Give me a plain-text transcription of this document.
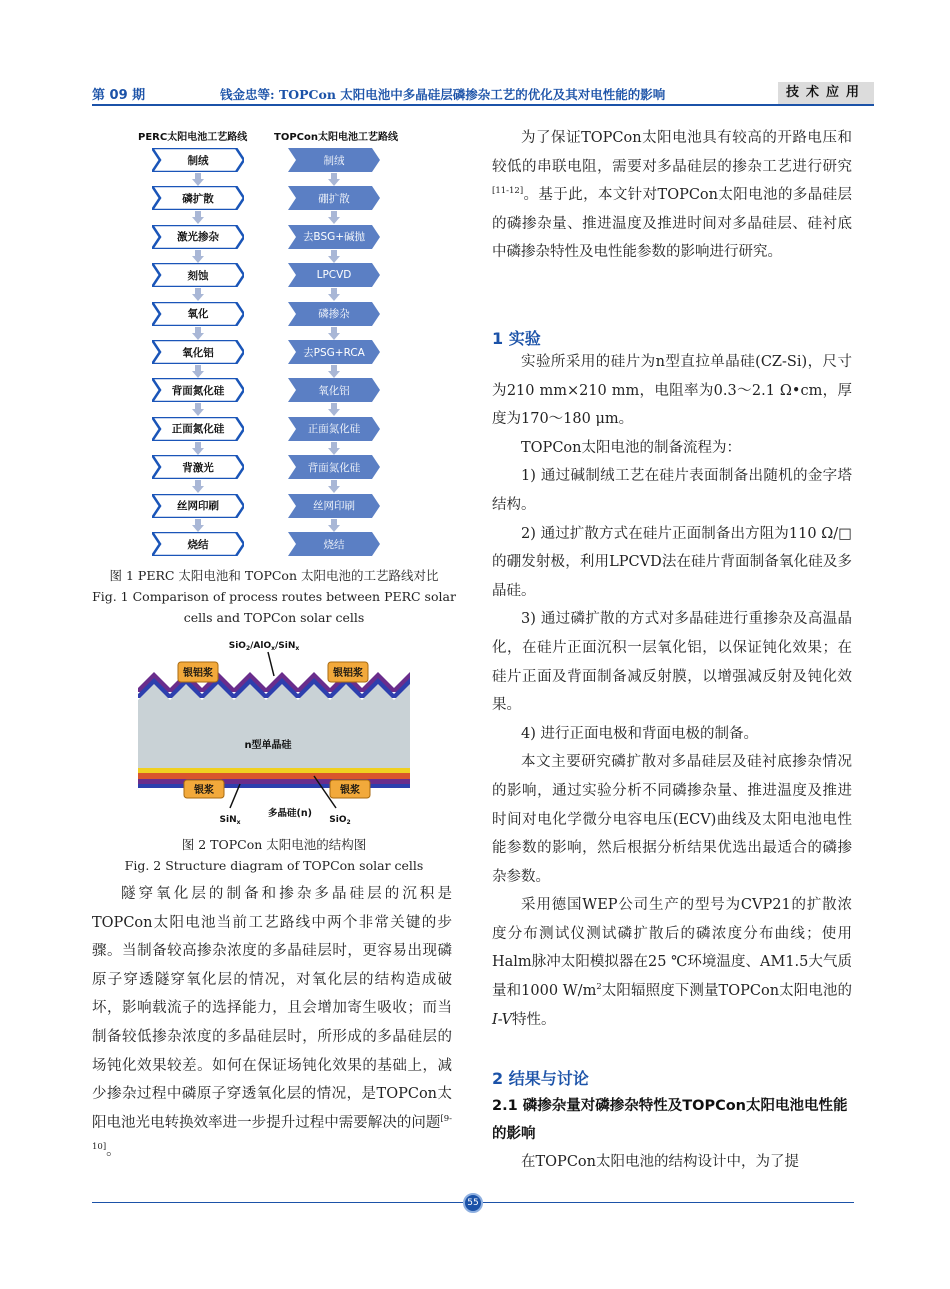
第 09 期	钱金忠等: TOPCon 太阳电池中多晶硅层磷掺杂工艺的优化及其对电性能的影响	技术应用
PERC太阳电池工艺路线	TOPCon太阳电池工艺路线
制绒
磷扩散
激光掺杂
刻蚀
氧化
氧化铝
背面氮化硅
正面氮化硅
背激光
丝网印刷
烧结
制绒
硼扩散
去BSG+碱抛
LPCVD
磷掺杂
去PSG+RCA
氧化铝
正面氮化硅
背面氮化硅
丝网印刷
烧结
图 1 PERC 太阳电池和 TOPCon 太阳电池的工艺路线对比
Fig. 1 Comparison of process routes between PERC solar
cells and TOPCon solar cells
SiO$_2$/AlO$_x$/SiN$_x$
n型单晶硅
银铝浆	银铝浆
银浆	银浆
SiN$_x$
多晶硅(n)
SiO$_2$
图 2 TOPCon 太阳电池的结构图
Fig. 2 Structure diagram of TOPCon solar cells

隧穿氧化层的制备和掺杂多晶硅层的沉积是TOPCon太阳电池当前工艺路线中两个非常关键的步骤。当制备较高掺杂浓度的多晶硅层时，更容易出现磷原子穿透隧穿氧化层的情况，对氧化层的结构造成破坏，影响载流子的选择能力，且会增加寄生吸收；而当制备较低掺杂浓度的多晶硅层时，所形成的多晶硅层的场钝化效果较差。如何在保证场钝化效果的基础上，减少掺杂过程中磷原子穿透氧化层的情况，是TOPCon太阳电池光电转换效率进一步提升过程中需要解决的问题[9-10]。

为了保证TOPCon太阳电池具有较高的开路电压和较低的串联电阻，需要对多晶硅层的掺杂工艺进行研究[11-12]。基于此，本文针对TOPCon太阳电池的多晶硅层的磷掺杂量、推进温度及推进时间对多晶硅层、硅衬底中磷掺杂特性及电性能参数的影响进行研究。

1 实验

实验所采用的硅片为n型直拉单晶硅(CZ-Si)，尺寸为210 mm×210 mm，电阻率为0.3～2.1 Ω•cm，厚度为170～180 μm。

TOPCon太阳电池的制备流程为：

1) 通过碱制绒工艺在硅片表面制备出随机的金字塔结构。

2) 通过扩散方式在硅片正面制备出方阻为110 Ω/□的硼发射极，利用LPCVD法在硅片背面制备氧化硅及多晶硅。

3) 通过磷扩散的方式对多晶硅进行重掺杂及高温晶化，在硅片正面沉积一层氧化铝，以保证钝化效果；在硅片正面及背面制备减反射膜，以增强减反射及钝化效果。

4) 进行正面电极和背面电极的制备。

本文主要研究磷扩散对多晶硅层及硅衬底掺杂情况的影响，通过实验分析不同磷掺杂量、推进温度及推进时间对电化学微分电容电压(ECV)曲线及太阳电池电性能参数的影响，然后根据分析结果优选出最适合的磷掺杂参数。

采用德国WEP公司生产的型号为CVP21的扩散浓度分布测试仪测试磷扩散后的磷浓度分布曲线；使用Halm脉冲太阳模拟器在25 ℃环境温度、AM1.5大气质量和1000 $W/m^2$太阳辐照度下测量TOPCon太阳电池的I-V特性。

2 结果与讨论
2.1 磷掺杂量对磷掺杂特性及TOPCon太阳电池电性能的影响

在TOPCon太阳电池的结构设计中，为了提

55
